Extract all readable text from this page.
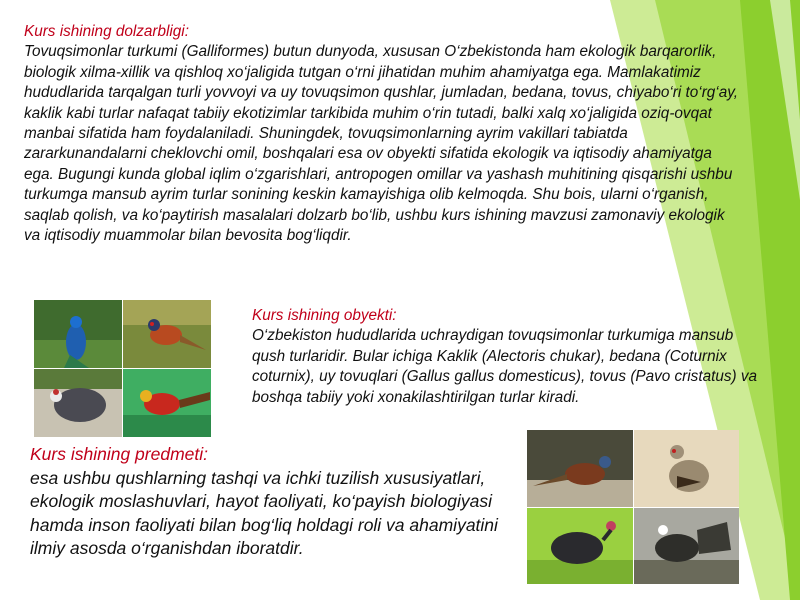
Kurs ishining dolzarbligi:
Tovuqsimonlar turkumi (Galliformes) butun dunyoda, xususan O‘zbekistonda ham ekologik barqarorlik, biologik xilma-xillik va qishloq xo‘jaligida tutgan o‘rni jihatidan muhim ahamiyatga ega. Mamlakatimiz hududlarida tarqalgan turli yovvoyi va uy tovuqsimon qushlar, jumladan, bedana, tovus, chiyabo‘ri to‘rg‘ay, kaklik kabi turlar nafaqat tabiiy ekotizimlar tarkibida muhim o‘rin tutadi, balki xalq xo‘jaligida oziq-ovqat manbai sifatida ham foydalaniladi. Shuningdek, tovuqsimonlarning ayrim vakillari tabiatda zararkunandalarni cheklovchi omil, boshqalari esa ov obyekti sifatida ekologik va iqtisodiy ahamiyatga ega. Bugungi kunda global iqlim o‘zgarishlari, antropogen omillar va yashash muhitining qisqarishi ushbu turkumga mansub ayrim turlar sonining keskin kamayishiga olib kelmoqda. Shu bois, ularni o‘rganish, saqlab qolish, va ko‘paytirish masalalari dolzarb bo‘lib, ushbu kurs ishining mavzusi zamonaviy ekologik va iqtisodiy muammolar bilan bevosita bog‘liqdir.
Kurs ishining obyekti:
O‘zbekiston hududlarida uchraydigan tovuqsimonlar turkumiga mansub qush turlaridir. Bular ichiga Kaklik (Alectoris chukar), bedana (Coturnix coturnix), uy tovuqlari (Gallus gallus domesticus), tovus (Pavo cristatus) va boshqa tabiiy yoki xonakilashtirilgan turlar kiradi.
Kurs ishining predmeti:
esa ushbu qushlarning tashqi va ichki tuzilish xususiyatlari, ekologik moslashuvlari, hayot faoliyati, ko‘payish biologiyasi hamda inson faoliyati bilan bog‘liq holdagi roli va ahamiyatini ilmiy asosda o‘rganishdan iboratdir.
